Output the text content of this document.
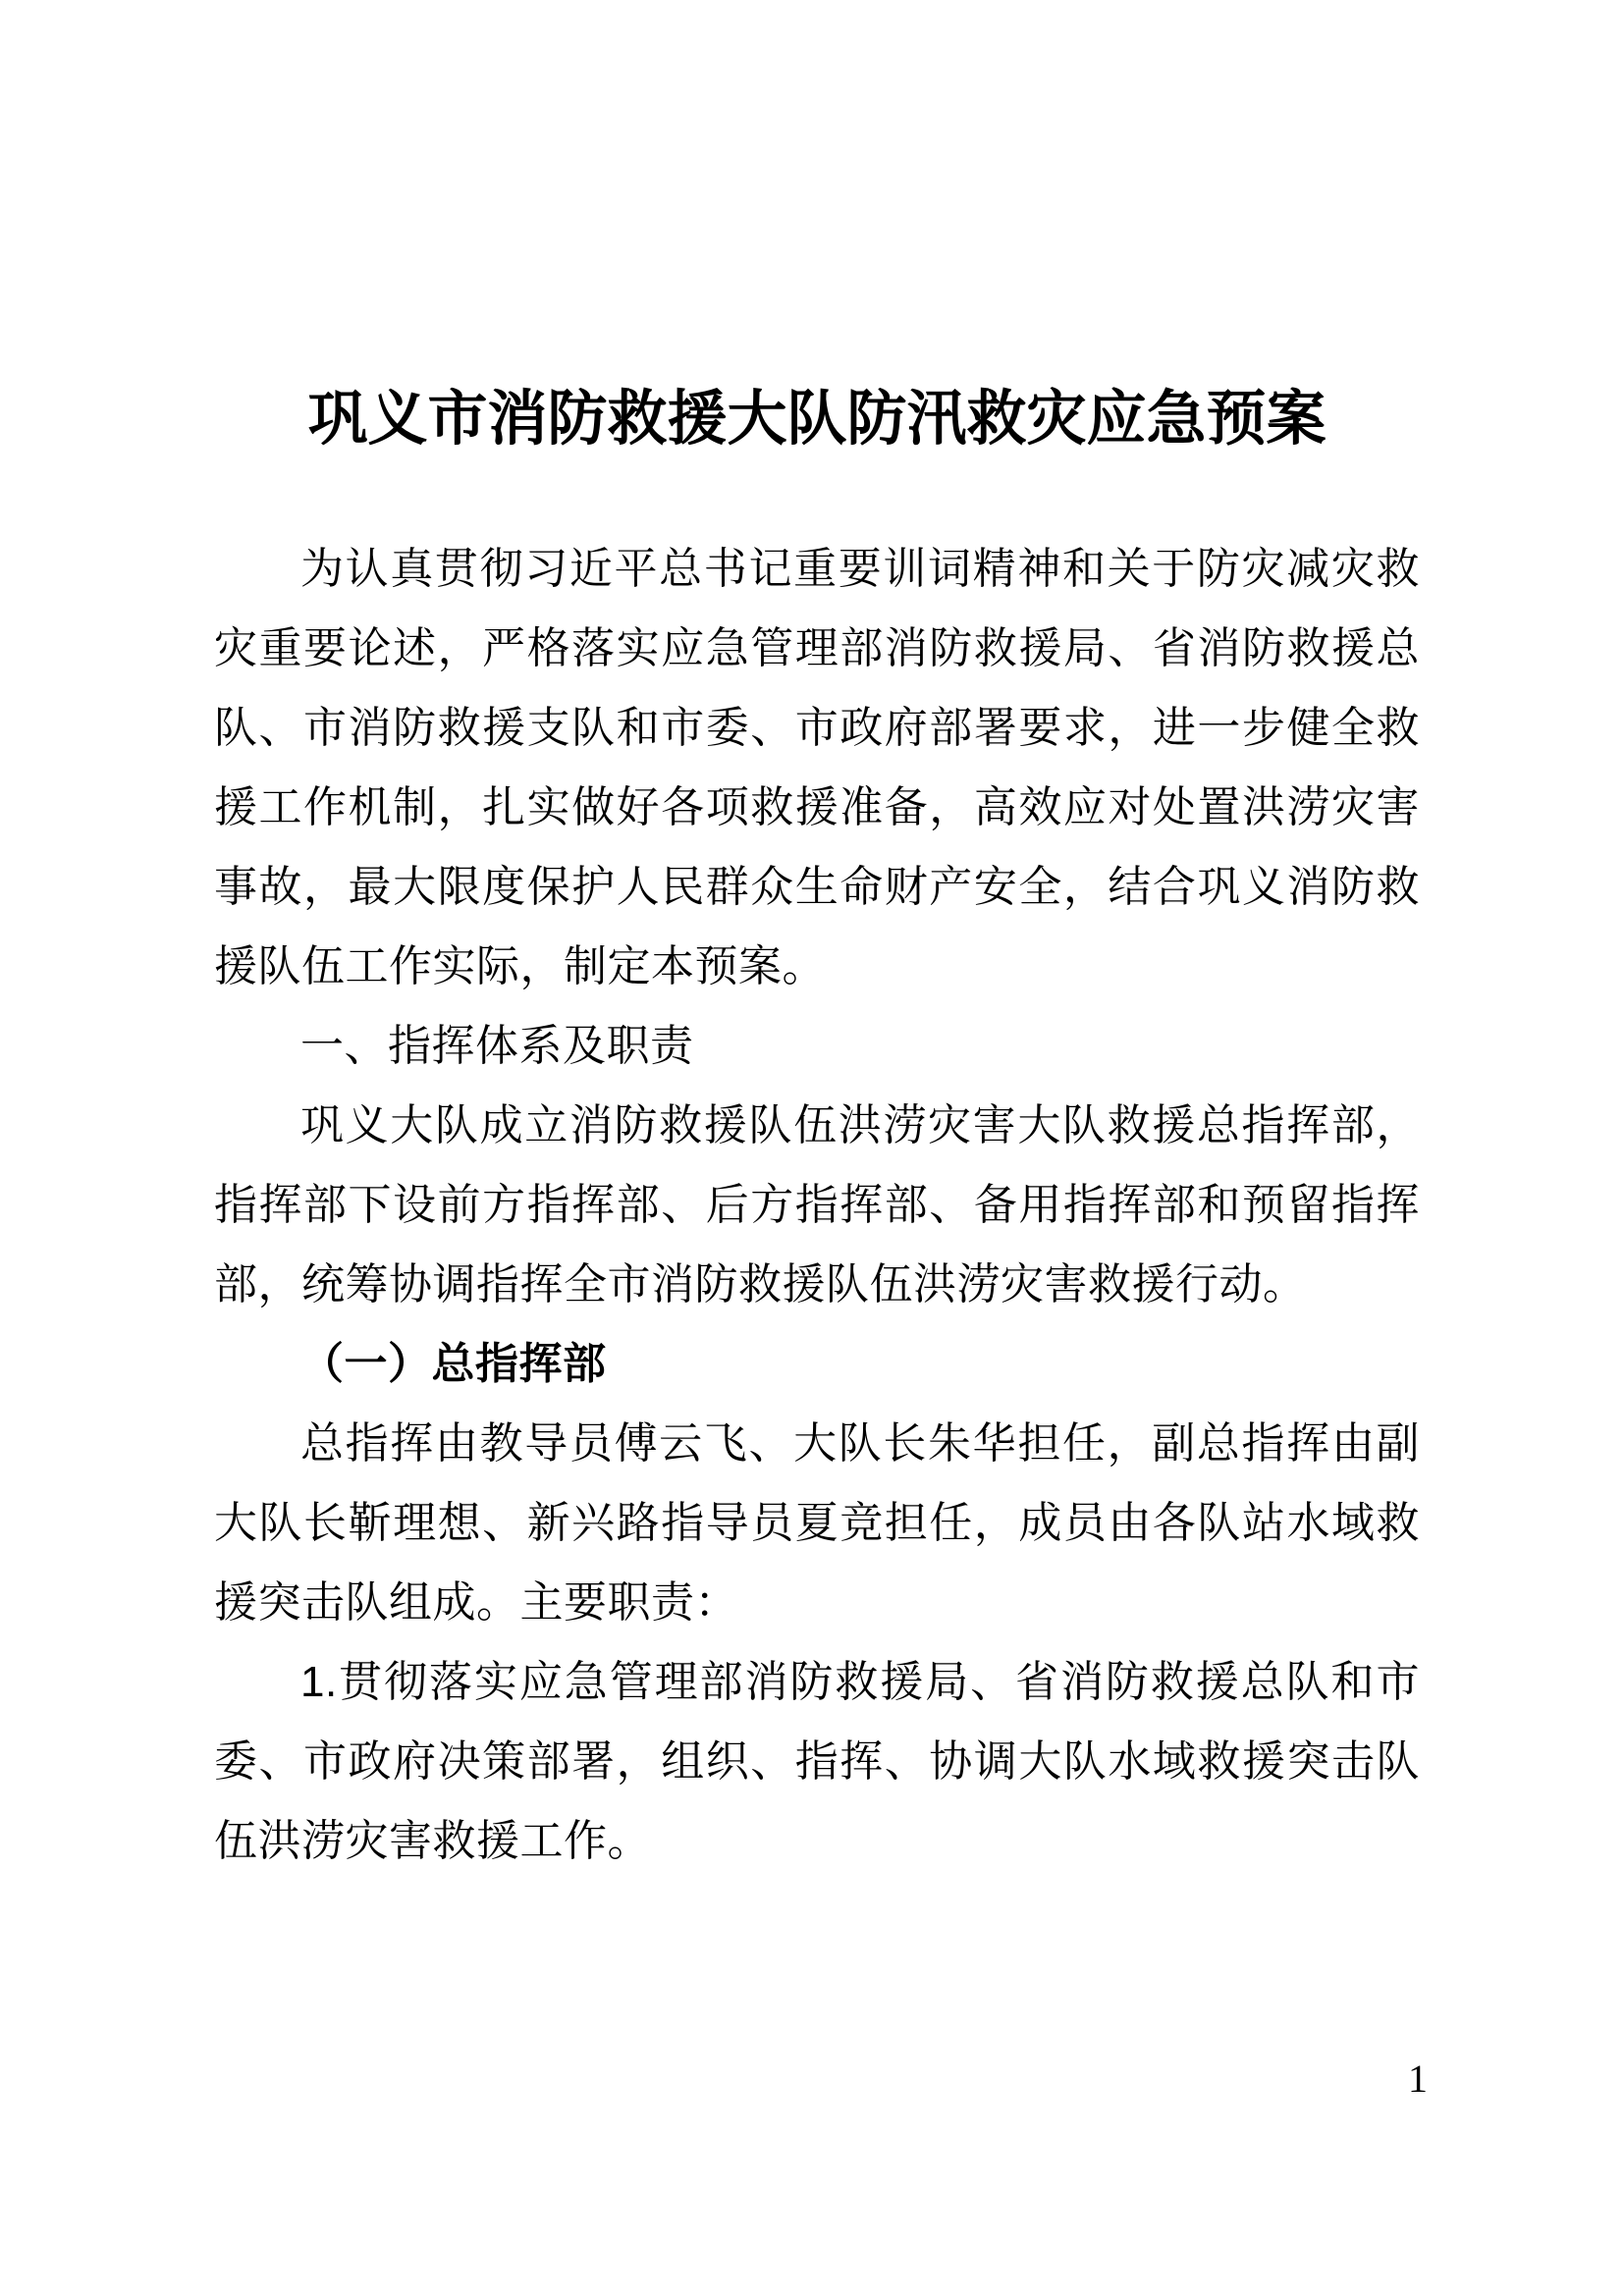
巩义市消防救援大队防汛救灾应急预案

为认真贯彻习近平总书记重要训词精神和关于防灾减灾救灾重要论述，严格落实应急管理部消防救援局、省消防救援总队、市消防救援支队和市委、市政府部署要求，进一步健全救援工作机制，扎实做好各项救援准备，高效应对处置洪涝灾害事故，最大限度保护人民群众生命财产安全，结合巩义消防救援队伍工作实际，制定本预案。

一、指挥体系及职责

巩义大队成立消防救援队伍洪涝灾害大队救援总指挥部，指挥部下设前方指挥部、后方指挥部、备用指挥部和预留指挥部，统筹协调指挥全市消防救援队伍洪涝灾害救援行动。

（一）总指挥部

总指挥由教导员傅云飞、大队长朱华担任，副总指挥由副大队长靳理想、新兴路指导员夏竞担任，成员由各队站水域救援突击队组成。主要职责：

1.贯彻落实应急管理部消防救援局、省消防救援总队和市委、市政府决策部署，组织、指挥、协调大队水域救援突击队伍洪涝灾害救援工作。

1
